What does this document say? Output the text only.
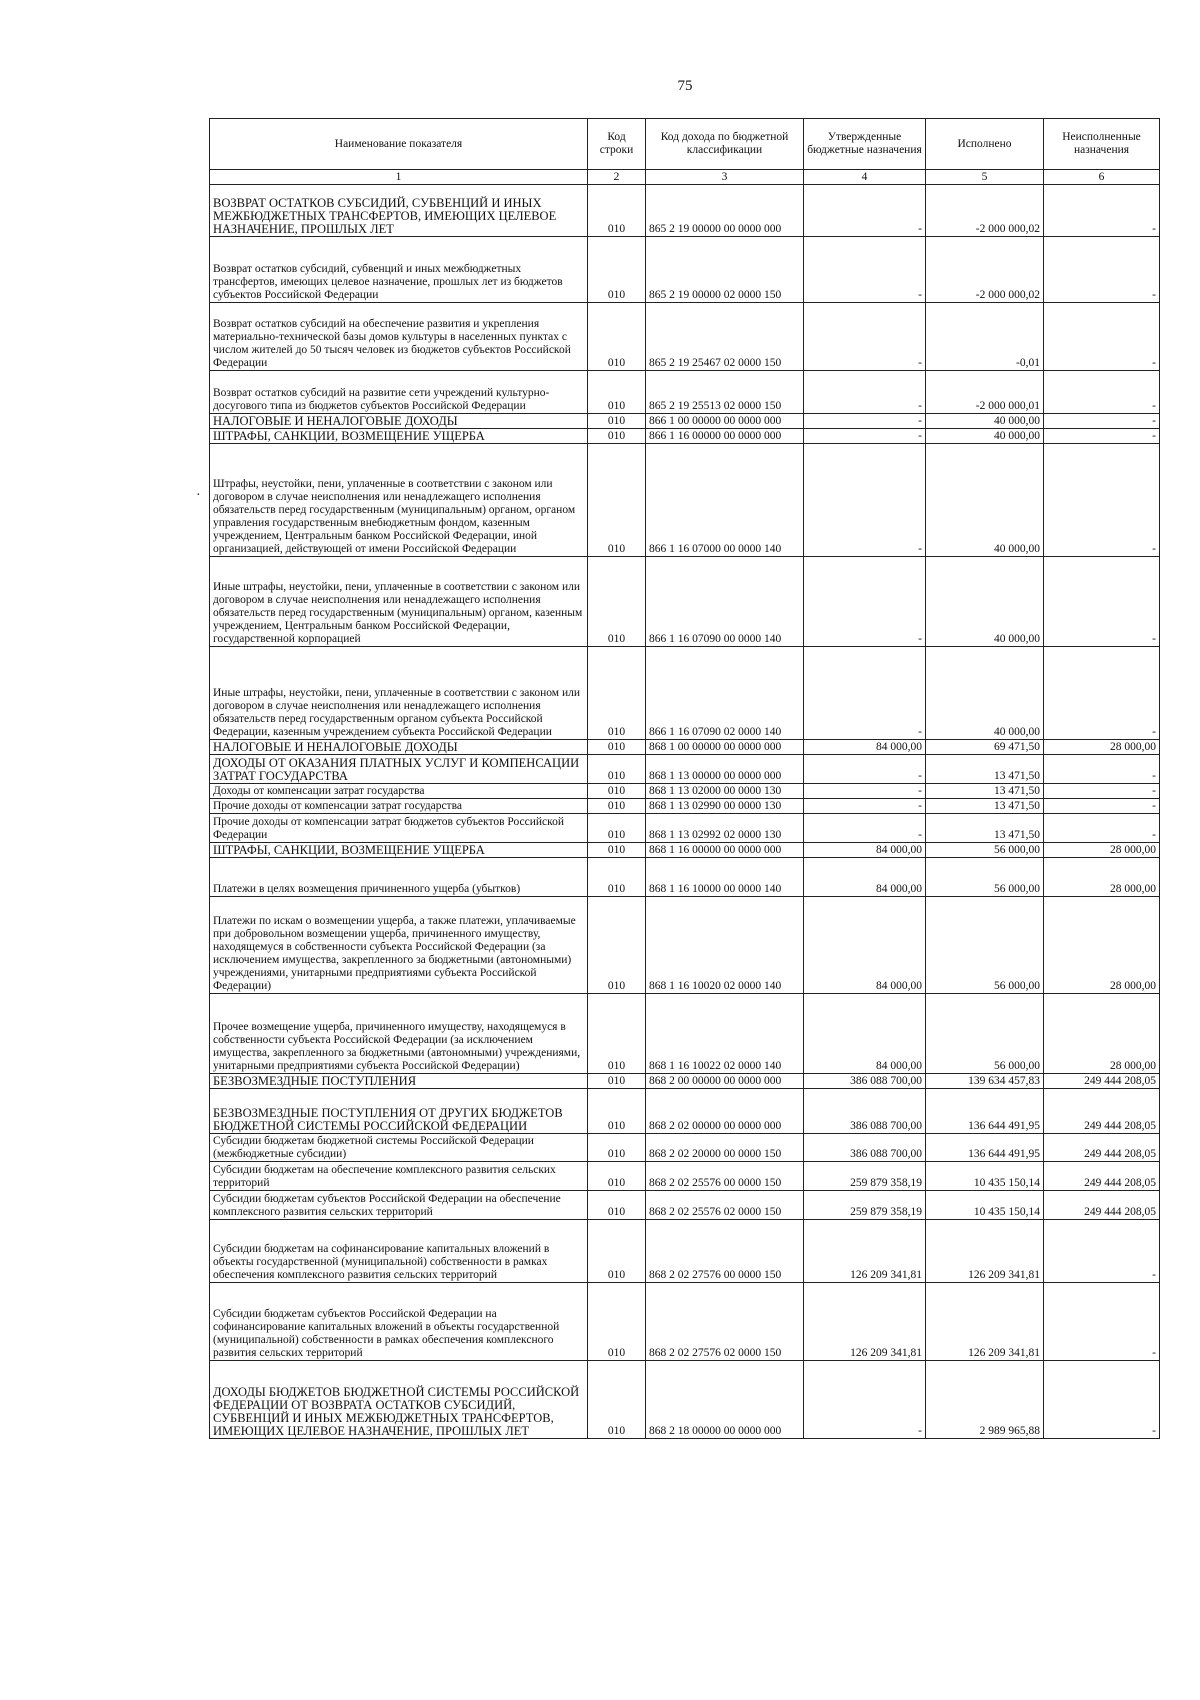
75
Наименование показателя	Код строки	Код дохода по бюджетной классификации	Утвержденные бюджетные назначения	Исполнено	Неисполненные назначения
1	2	3	4	5	6
ВОЗВРАТ ОСТАТКОВ СУБСИДИЙ, СУБВЕНЦИЙ И ИНЫХ МЕЖБЮДЖЕТНЫХ ТРАНСФЕРТОВ, ИМЕЮЩИХ ЦЕЛЕВОЕ НАЗНАЧЕНИЕ, ПРОШЛЫХ ЛЕТ	010	865 2 19 00000 00 0000 000	-	-2 000 000,02	-
Возврат остатков субсидий, субвенций и иных межбюджетных трансфертов, имеющих целевое назначение, прошлых лет из бюджетов субъектов Российской Федерации	010	865 2 19 00000 02 0000 150	-	-2 000 000,02	-
Возврат остатков субсидий на обеспечение развития и укрепления материально-технической базы домов культуры в населенных пунктах с числом жителей до 50 тысяч человек из бюджетов субъектов Российской Федерации	010	865 2 19 25467 02 0000 150	-	-0,01	-
Возврат остатков субсидий на развитие сети учреждений культурно-досугового типа из бюджетов субъектов Российской Федерации	010	865 2 19 25513 02 0000 150	-	-2 000 000,01	-
НАЛОГОВЫЕ И НЕНАЛОГОВЫЕ ДОХОДЫ	010	866 1 00 00000 00 0000 000	-	40 000,00	-
ШТРАФЫ, САНКЦИИ, ВОЗМЕЩЕНИЕ УЩЕРБА	010	866 1 16 00000 00 0000 000	-	40 000,00	-
Штрафы, неустойки, пени, уплаченные в соответствии с законом или договором в случае неисполнения или ненадлежащего исполнения обязательств перед государственным (муниципальным) органом, органом управления государственным внебюджетным фондом, казенным учреждением, Центральным банком Российской Федерации, иной организацией, действующей от имени Российской Федерации	010	866 1 16 07000 00 0000 140	-	40 000,00	-
Иные штрафы, неустойки, пени, уплаченные в соответствии с законом или договором в случае неисполнения или ненадлежащего исполнения обязательств перед государственным (муниципальным) органом, казенным учреждением, Центральным банком Российской Федерации, государственной корпорацией	010	866 1 16 07090 00 0000 140	-	40 000,00	-
Иные штрафы, неустойки, пени, уплаченные в соответствии с законом или договором в случае неисполнения или ненадлежащего исполнения обязательств перед государственным органом субъекта Российской Федерации, казенным учреждением субъекта Российской Федерации	010	866 1 16 07090 02 0000 140	-	40 000,00	-
НАЛОГОВЫЕ И НЕНАЛОГОВЫЕ ДОХОДЫ	010	868 1 00 00000 00 0000 000	84 000,00	69 471,50	28 000,00
ДОХОДЫ ОТ ОКАЗАНИЯ ПЛАТНЫХ УСЛУГ И КОМПЕНСАЦИИ ЗАТРАТ ГОСУДАРСТВА	010	868 1 13 00000 00 0000 000	-	13 471,50	-
Доходы от компенсации затрат государства	010	868 1 13 02000 00 0000 130	-	13 471,50	-
Прочие доходы от компенсации затрат государства	010	868 1 13 02990 00 0000 130	-	13 471,50	-
Прочие доходы от компенсации затрат бюджетов субъектов Российской Федерации	010	868 1 13 02992 02 0000 130	-	13 471,50	-
ШТРАФЫ, САНКЦИИ, ВОЗМЕЩЕНИЕ УЩЕРБА	010	868 1 16 00000 00 0000 000	84 000,00	56 000,00	28 000,00
Платежи в целях возмещения причиненного ущерба (убытков)	010	868 1 16 10000 00 0000 140	84 000,00	56 000,00	28 000,00
Платежи по искам о возмещении ущерба, а также платежи, уплачиваемые при добровольном возмещении ущерба, причиненного имуществу, находящемуся в собственности субъекта Российской Федерации (за исключением имущества, закрепленного за бюджетными (автономными) учреждениями, унитарными предприятиями субъекта Российской Федерации)	010	868 1 16 10020 02 0000 140	84 000,00	56 000,00	28 000,00
Прочее возмещение ущерба, причиненного имуществу, находящемуся в собственности субъекта Российской Федерации (за исключением имущества, закрепленного за бюджетными (автономными) учреждениями, унитарными предприятиями субъекта Российской Федерации)	010	868 1 16 10022 02 0000 140	84 000,00	56 000,00	28 000,00
БЕЗВОЗМЕЗДНЫЕ ПОСТУПЛЕНИЯ	010	868 2 00 00000 00 0000 000	386 088 700,00	139 634 457,83	249 444 208,05
БЕЗВОЗМЕЗДНЫЕ ПОСТУПЛЕНИЯ ОТ ДРУГИХ БЮДЖЕТОВ БЮДЖЕТНОЙ СИСТЕМЫ РОССИЙСКОЙ ФЕДЕРАЦИИ	010	868 2 02 00000 00 0000 000	386 088 700,00	136 644 491,95	249 444 208,05
Субсидии бюджетам бюджетной системы Российской Федерации (межбюджетные субсидии)	010	868 2 02 20000 00 0000 150	386 088 700,00	136 644 491,95	249 444 208,05
Субсидии бюджетам на обеспечение комплексного развития сельских территорий	010	868 2 02 25576 00 0000 150	259 879 358,19	10 435 150,14	249 444 208,05
Субсидии бюджетам субъектов Российской Федерации на обеспечение комплексного развития сельских территорий	010	868 2 02 25576 02 0000 150	259 879 358,19	10 435 150,14	249 444 208,05
Субсидии бюджетам на софинансирование капитальных вложений в объекты государственной (муниципальной) собственности в рамках обеспечения комплексного развития сельских территорий	010	868 2 02 27576 00 0000 150	126 209 341,81	126 209 341,81	-
Субсидии бюджетам субъектов Российской Федерации на софинансирование капитальных вложений в объекты государственной (муниципальной) собственности в рамках обеспечения комплексного развития сельских территорий	010	868 2 02 27576 02 0000 150	126 209 341,81	126 209 341,81	-
ДОХОДЫ БЮДЖЕТОВ БЮДЖЕТНОЙ СИСТЕМЫ РОССИЙСКОЙ ФЕДЕРАЦИИ ОТ ВОЗВРАТА ОСТАТКОВ СУБСИДИЙ, СУБВЕНЦИЙ И ИНЫХ МЕЖБЮДЖЕТНЫХ ТРАНСФЕРТОВ, ИМЕЮЩИХ ЦЕЛЕВОЕ НАЗНАЧЕНИЕ, ПРОШЛЫХ ЛЕТ	010	868 2 18 00000 00 0000 000	-	2 989 965,88	-
·
